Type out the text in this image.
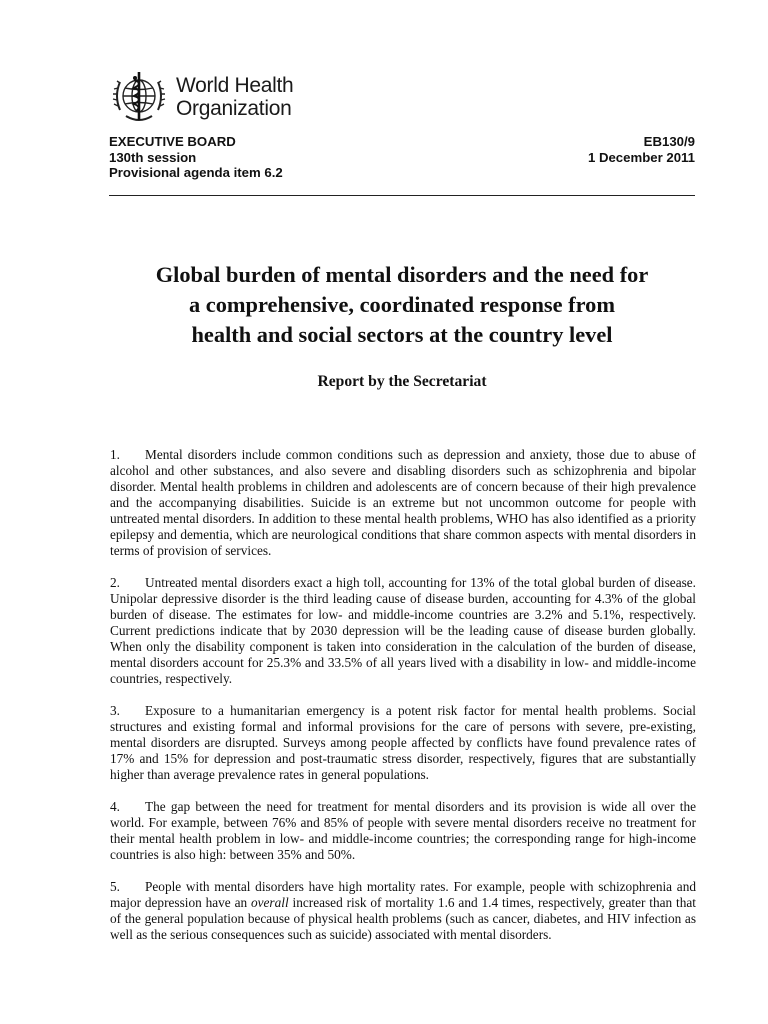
World Health
Organization
EXECUTIVE BOARD
130th session
Provisional agenda item 6.2
EB130/9
1 December 2011
Global burden of mental disorders and the need for
a comprehensive, coordinated response from
health and social sectors at the country level
Report by the Secretariat

1. Mental disorders include common conditions such as depression and anxiety, those due to abuse of alcohol and other substances, and also severe and disabling disorders such as schizophrenia and bipolar disorder. Mental health problems in children and adolescents are of concern because of their high prevalence and the accompanying disabilities. Suicide is an extreme but not uncommon outcome for people with untreated mental disorders. In addition to these mental health problems, WHO has also identified as a priority epilepsy and dementia, which are neurological conditions that share common aspects with mental disorders in terms of provision of services.

2. Untreated mental disorders exact a high toll, accounting for 13% of the total global burden of disease. Unipolar depressive disorder is the third leading cause of disease burden, accounting for 4.3% of the global burden of disease. The estimates for low- and middle-income countries are 3.2% and 5.1%, respectively. Current predictions indicate that by 2030 depression will be the leading cause of disease burden globally. When only the disability component is taken into consideration in the calculation of the burden of disease, mental disorders account for 25.3% and 33.5% of all years lived with a disability in low- and middle-income countries, respectively.

3. Exposure to a humanitarian emergency is a potent risk factor for mental health problems. Social structures and existing formal and informal provisions for the care of persons with severe, pre-existing, mental disorders are disrupted. Surveys among people affected by conflicts have found prevalence rates of 17% and 15% for depression and post-traumatic stress disorder, respectively, figures that are substantially higher than average prevalence rates in general populations.

4. The gap between the need for treatment for mental disorders and its provision is wide all over the world. For example, between 76% and 85% of people with severe mental disorders receive no treatment for their mental health problem in low- and middle-income countries; the corresponding range for high-income countries is also high: between 35% and 50%.

5. People with mental disorders have high mortality rates. For example, people with schizophrenia and major depression have an overall increased risk of mortality 1.6 and 1.4 times, respectively, greater than that of the general population because of physical health problems (such as cancer, diabetes, and HIV infection as well as the serious consequences such as suicide) associated with mental disorders.
